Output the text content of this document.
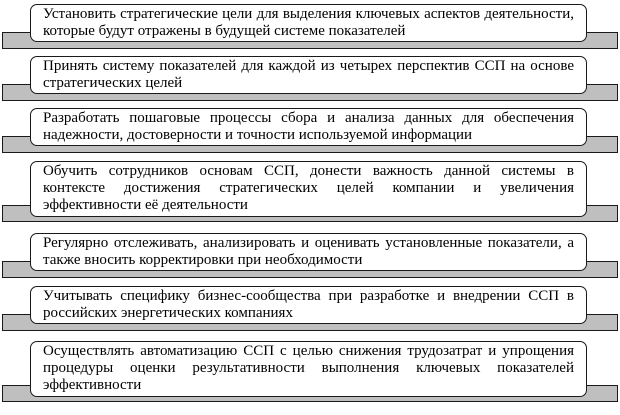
Установить стратегические цели для выделения ключевых аспектов деятельности, которые будут отражены в будущей системе показателей
Принять систему показателей для каждой из четырех перспектив ССП на основе стратегических целей
Разработать пошаговые процессы сбора и анализа данных для обеспечения надежности, достоверности и точности используемой информации
Обучить сотрудников основам ССП, донести важность данной системы в контексте достижения стратегических целей компании и увеличения эффективности её деятельности
Регулярно отслеживать, анализировать и оценивать установленные показатели, а также вносить корректировки при необходимости
Учитывать специфику бизнес-сообщества при разработке и внедрении ССП в российских энергетических компаниях
Осуществлять автоматизацию ССП с целью снижения трудозатрат и упрощения процедуры оценки результативности выполнения ключевых показателей эффективности
